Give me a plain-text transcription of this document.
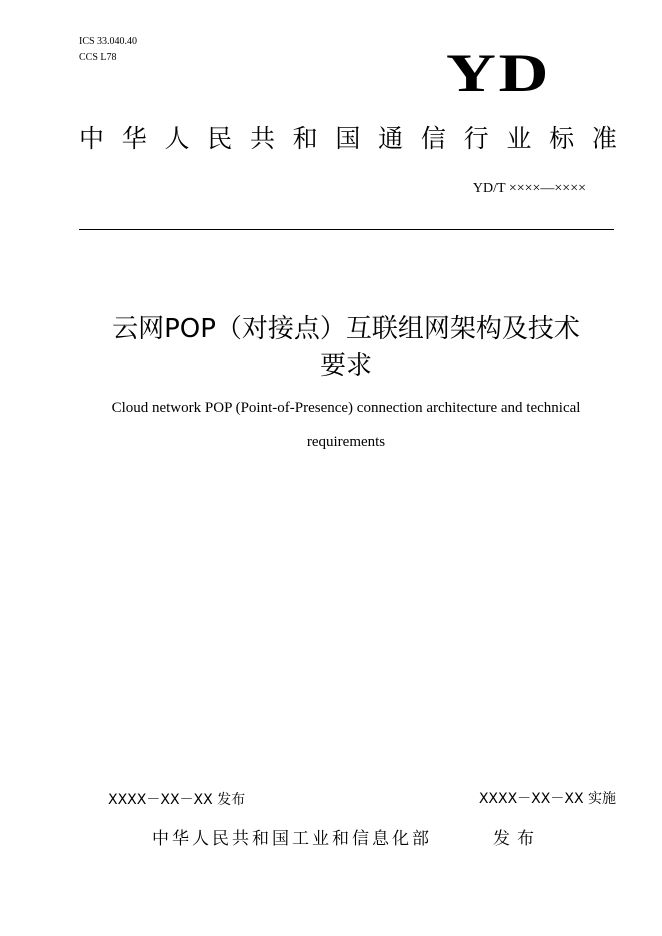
ICS 33.040.40
CCS L78	YD
中 华 人 民 共 和 国 通 信 行 业 标 准
YD/T ××××—××××
云网POP（对接点）互联组网架构及技术
要求
Cloud network POP (Point-of-Presence) connection architecture and technical
requirements
XXXX－XX－XX 发布	XXXX－XX－XX 实施
中华人民共和国工业和信息化部	发布
